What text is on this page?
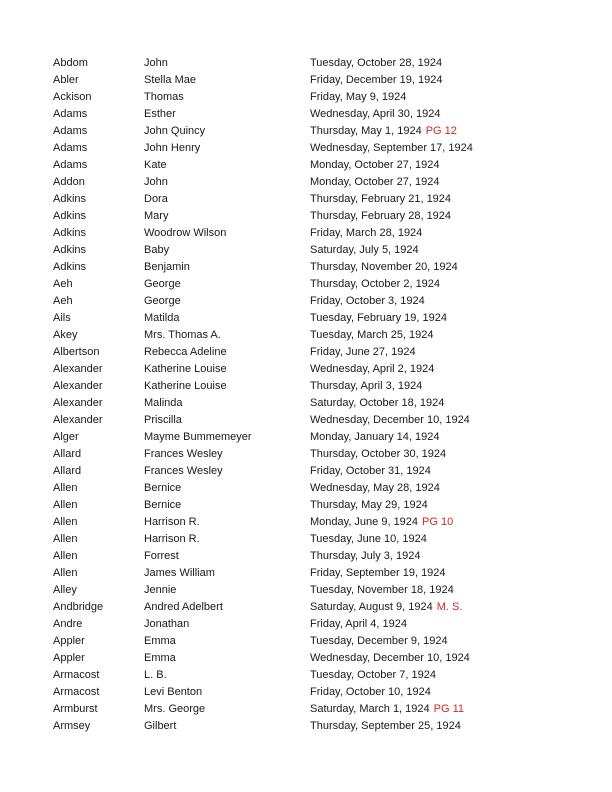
Abdom	John	Tuesday, October 28, 1924
Abler	Stella Mae	Friday, December 19, 1924
Ackison	Thomas	Friday, May 9, 1924
Adams	Esther	Wednesday, April 30, 1924
Adams	John Quincy	Thursday, May 1, 1924 PG 12
Adams	John Henry	Wednesday, September 17, 1924
Adams	Kate	Monday, October 27, 1924
Addon	John	Monday, October 27, 1924
Adkins	Dora	Thursday, February 21, 1924
Adkins	Mary	Thursday, February 28, 1924
Adkins	Woodrow Wilson	Friday, March 28, 1924
Adkins	Baby	Saturday, July 5, 1924
Adkins	Benjamin	Thursday, November 20, 1924
Aeh	George	Thursday, October 2, 1924
Aeh	George	Friday, October 3, 1924
Ails	Matilda	Tuesday, February 19, 1924
Akey	Mrs. Thomas A.	Tuesday, March 25, 1924
Albertson	Rebecca Adeline	Friday, June 27, 1924
Alexander	Katherine Louise	Wednesday, April 2, 1924
Alexander	Katherine Louise	Thursday, April 3, 1924
Alexander	Malinda	Saturday, October 18, 1924
Alexander	Priscilla	Wednesday, December 10, 1924
Alger	Mayme Bummemeyer	Monday, January 14, 1924
Allard	Frances Wesley	Thursday, October 30, 1924
Allard	Frances Wesley	Friday, October 31, 1924
Allen	Bernice	Wednesday, May 28, 1924
Allen	Bernice	Thursday, May 29, 1924
Allen	Harrison R.	Monday, June 9, 1924 PG 10
Allen	Harrison R.	Tuesday, June 10, 1924
Allen	Forrest	Thursday, July 3, 1924
Allen	James William	Friday, September 19, 1924
Alley	Jennie	Tuesday, November 18, 1924
Andbridge	Andred Adelbert	Saturday, August 9, 1924 M. S.
Andre	Jonathan	Friday, April 4, 1924
Appler	Emma	Tuesday, December 9, 1924
Appler	Emma	Wednesday, December 10, 1924
Armacost	L. B.	Tuesday, October 7, 1924
Armacost	Levi Benton	Friday, October 10, 1924
Armburst	Mrs. George	Saturday, March 1, 1924 PG 11
Armsey	Gilbert	Thursday, September 25, 1924
